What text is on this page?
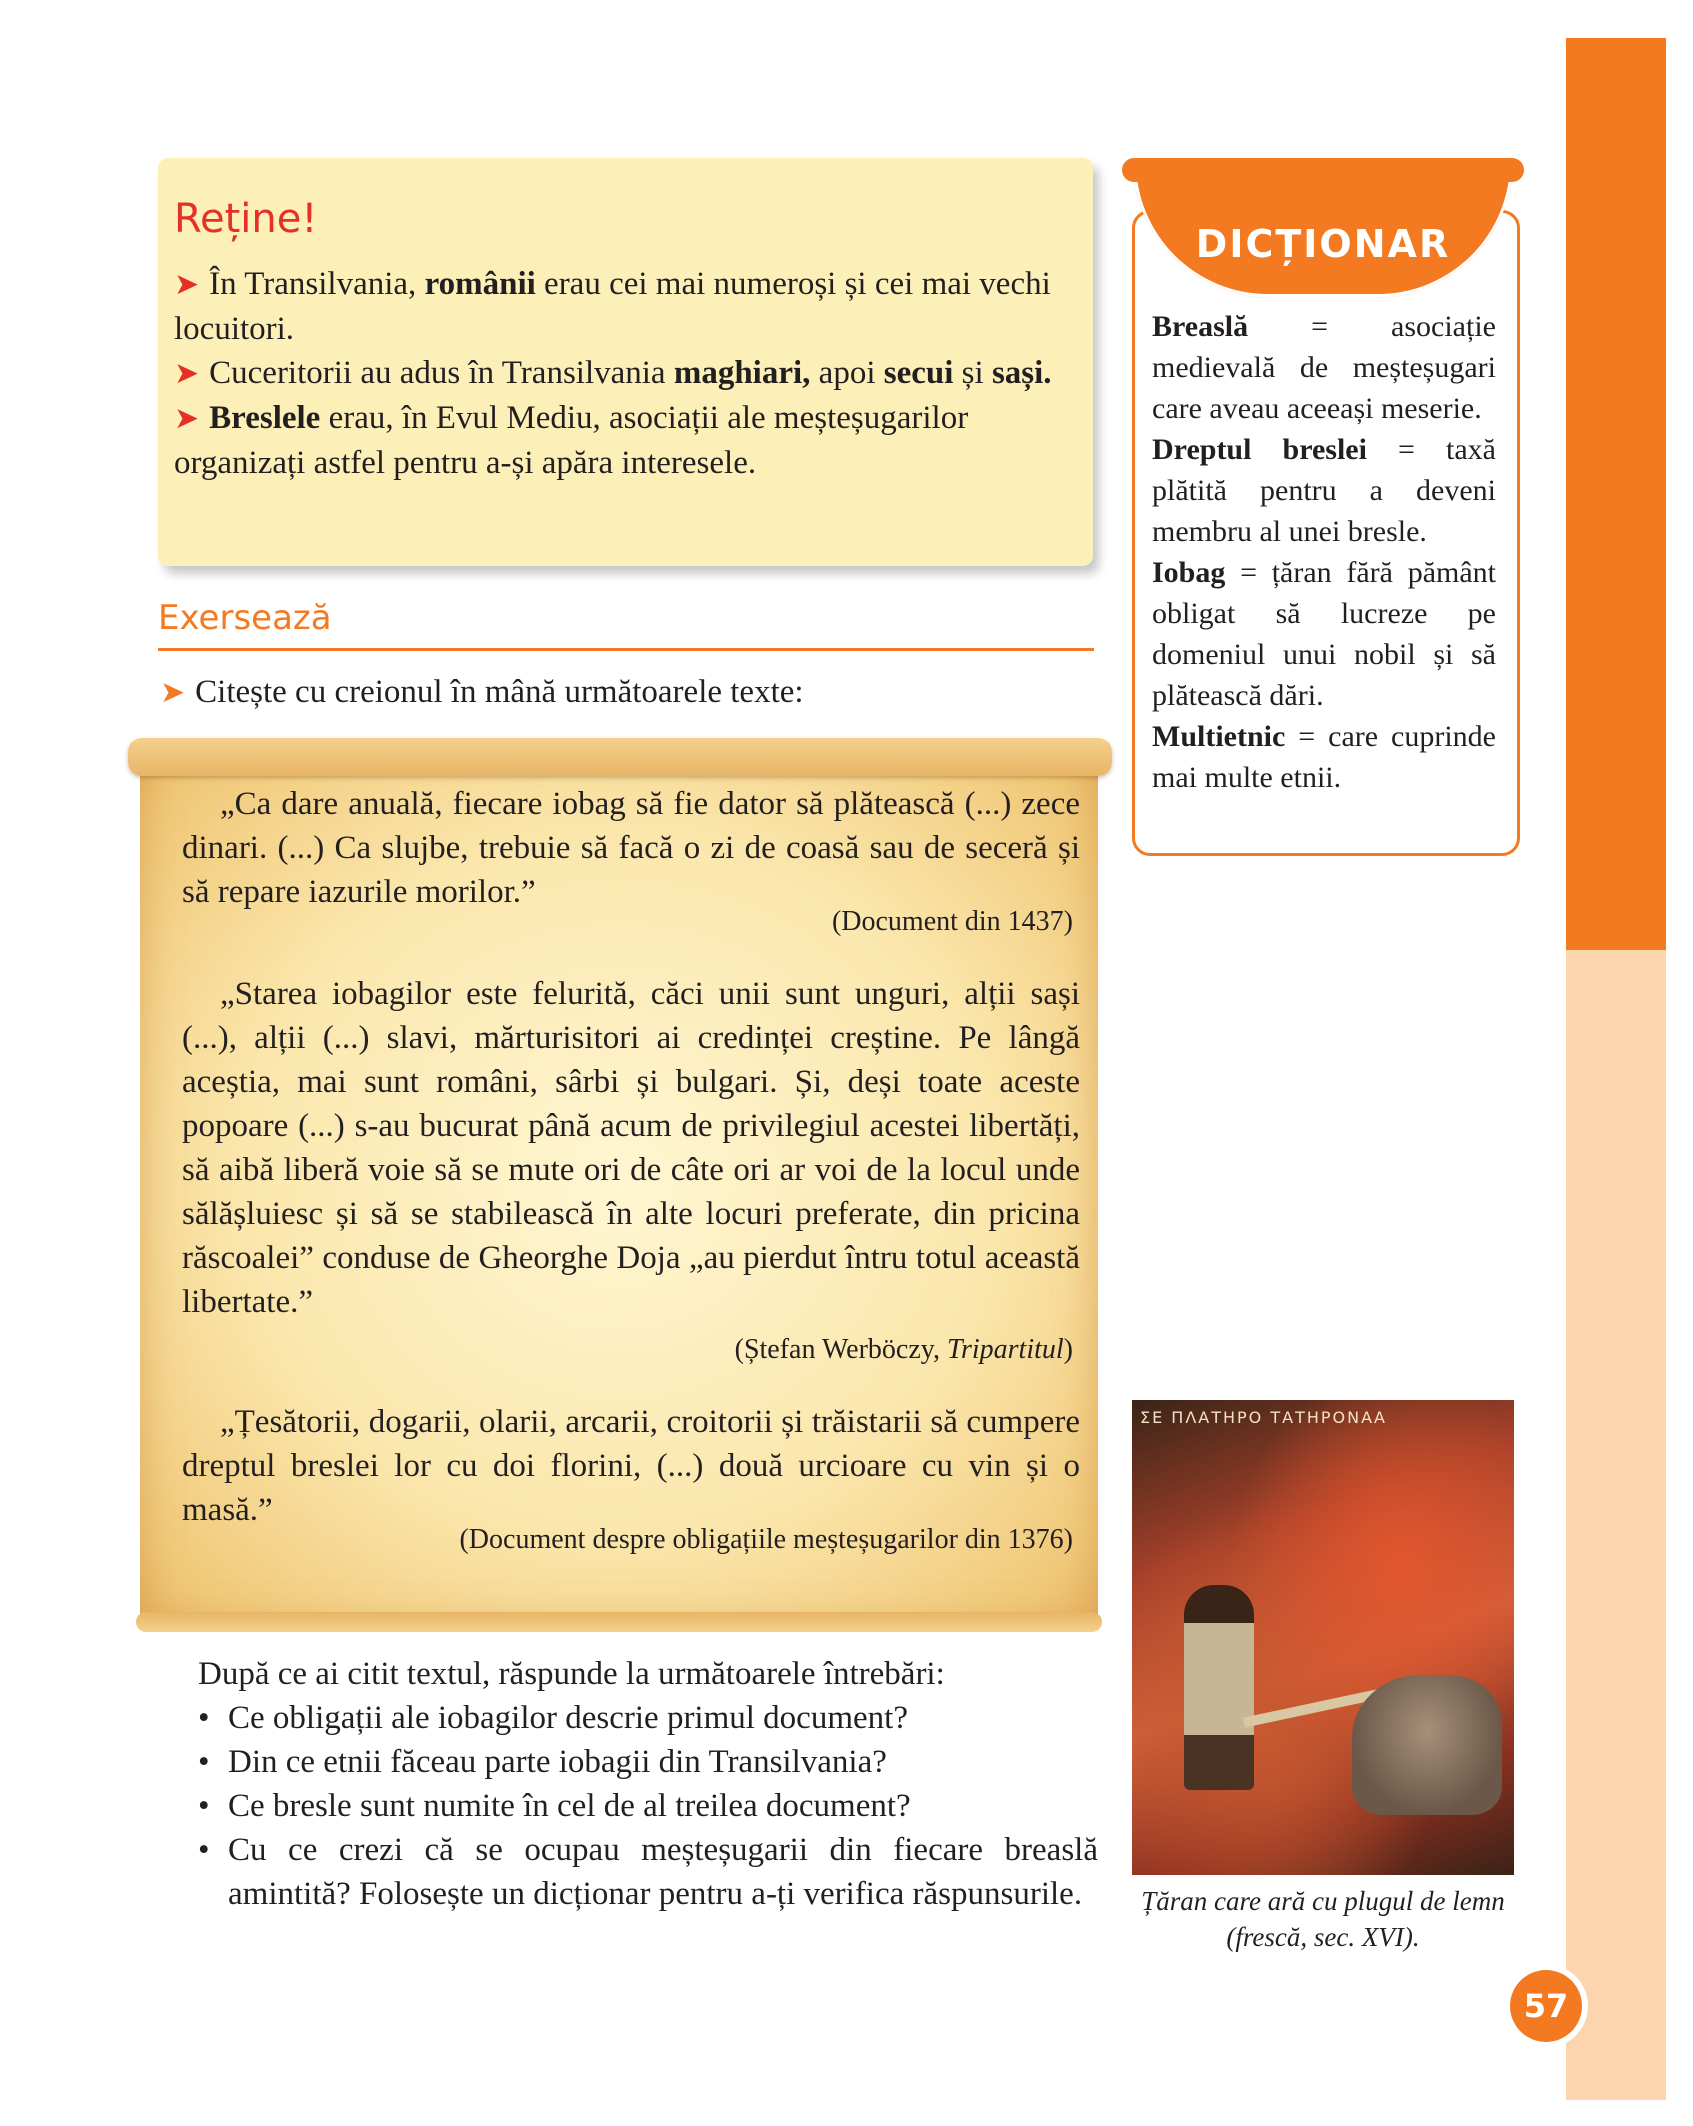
Reține!

➤ În Transilvania, românii erau cei mai numeroși și cei mai vechi locuitori.

➤ Cuceritorii au adus în Transilvania maghiari, apoi secui și sași.

➤ Breslele erau, în Evul Mediu, asociații ale meșteșugarilor organizați astfel pentru a-și apăra interesele.

Exersează
➤ Citește cu creionul în mână următoarele texte:

„Ca dare anuală, fiecare iobag să fie dator să plătească (...) zece dinari. (...) Ca slujbe, trebuie să facă o zi de coasă sau de seceră și să repare iazurile morilor.”

(Document din 1437)

„Starea iobagilor este felurită, căci unii sunt unguri, alții sași (...), alții (...) slavi, mărturisitori ai credinței creștine. Pe lângă aceștia, mai sunt români, sârbi și bulgari. Și, deși toate aceste popoare (...) s-au bucurat până acum de privilegiul acestei libertăți, să aibă liberă voie să se mute ori de câte ori ar voi de la locul unde sălășluiesc și să se stabilească în alte locuri preferate, din pricina răscoalei” conduse de Gheorghe Doja „au pierdut întru totul această libertate.”

(Ștefan Werböczy, Tripartitul)

„Țesătorii, dogarii, olarii, arcarii, croitorii și trăistarii să cumpere dreptul breslei lor cu doi florini, (...) două urcioare cu vin și o masă.”

(Document despre obligațiile meșteșugarilor din 1376)

După ce ai citit textul, răspunde la următoarele întrebări:

• Ce obligații ale iobagilor descrie primul document?
• Din ce etnii făceau parte iobagii din Transilvania?
• Ce bresle sunt numite în cel de al treilea document?
• Cu ce crezi că se ocupau meșteșugarii din fiecare breaslă amintită? Folosește un dicționar pentru a-ți verifica răspunsurile.
DICȚIONAR

Breaslă = asociație medievală de meșteșugari care aveau aceeași meserie.

Dreptul breslei = taxă plătită pentru a deveni membru al unei bresle.

Iobag = țăran fără pământ obligat să lucreze pe domeniul unui nobil și să plătească dări.

Multietnic = care cuprinde mai multe etnii.

ΣΕ ΠΛΑΤΗΡΟ ΤΑΤΗΡΟΝΑΑ
Țăran care ară cu plugul de lemn (frescă, sec. XVI).
57
